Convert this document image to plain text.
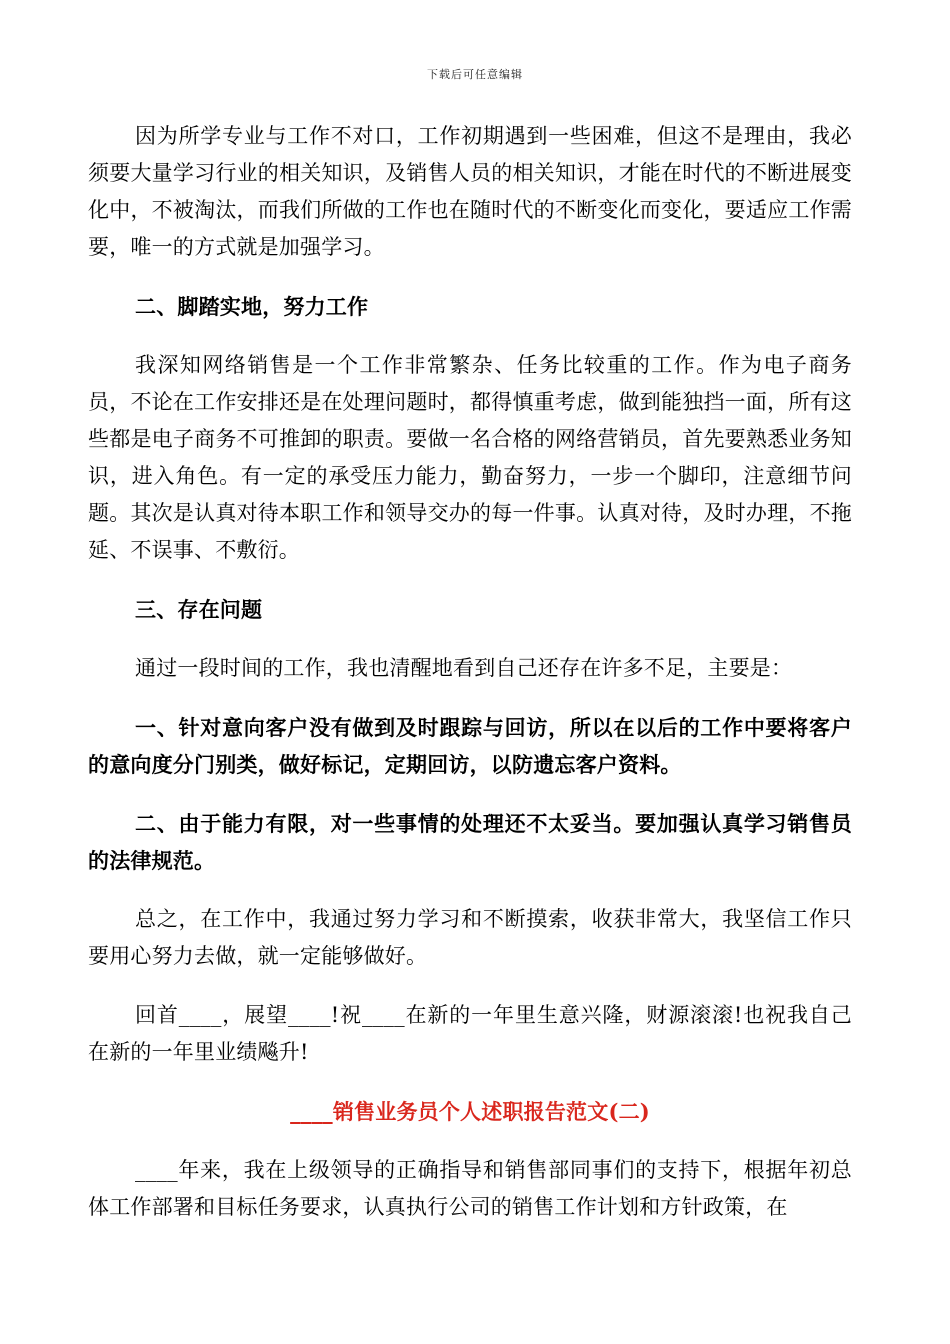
下载后可任意编辑

因为所学专业与工作不对口，工作初期遇到一些困难，但这不是理由，我必须要大量学习行业的相关知识，及销售人员的相关知识，才能在时代的不断进展变化中，不被淘汰，而我们所做的工作也在随时代的不断变化而变化，要适应工作需要，唯一的方式就是加强学习。

二、脚踏实地，努力工作

我深知网络销售是一个工作非常繁杂、任务比较重的工作。作为电子商务员，不论在工作安排还是在处理问题时，都得慎重考虑，做到能独挡一面，所有这些都是电子商务不可推卸的职责。要做一名合格的网络营销员，首先要熟悉业务知识，进入角色。有一定的承受压力能力，勤奋努力，一步一个脚印，注意细节问题。其次是认真对待本职工作和领导交办的每一件事。认真对待，及时办理，不拖延、不误事、不敷衍。

三、存在问题

通过一段时间的工作，我也清醒地看到自己还存在许多不足，主要是：

一、针对意向客户没有做到及时跟踪与回访，所以在以后的工作中要将客户的意向度分门别类，做好标记，定期回访，以防遗忘客户资料。

二、由于能力有限，对一些事情的处理还不太妥当。要加强认真学习销售员的法律规范。

总之，在工作中，我通过努力学习和不断摸索，收获非常大，我坚信工作只要用心努力去做，就一定能够做好。

回首____，展望____!祝____在新的一年里生意兴隆，财源滚滚!也祝我自己在新的一年里业绩飚升!

____销售业务员个人述职报告范文(二)

____年来，我在上级领导的正确指导和销售部同事们的支持下，根据年初总体工作部署和目标任务要求，认真执行公司的销售工作计划和方针政策，在
